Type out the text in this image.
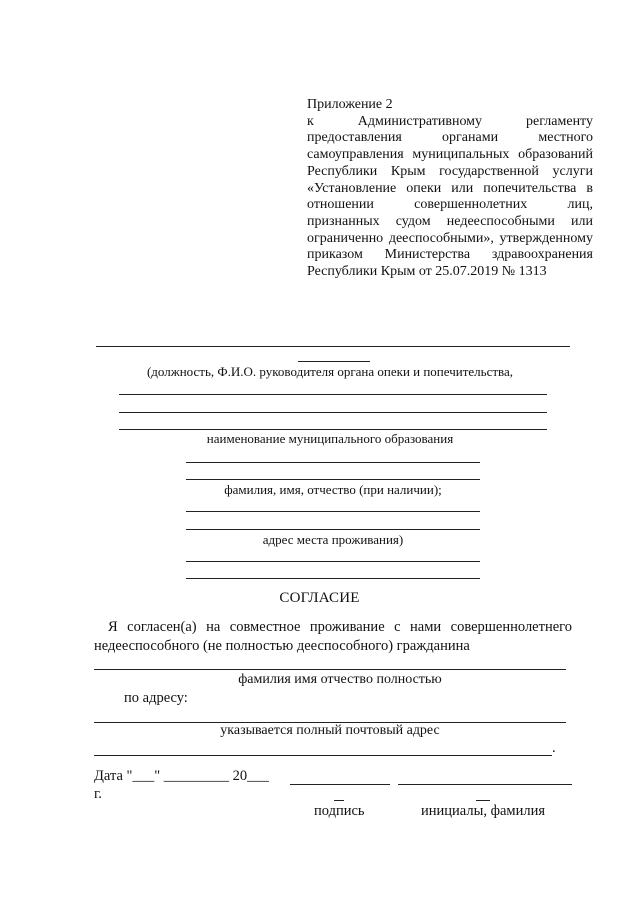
Приложение 2

к Административному регламенту предоставления органами местного самоуправления муниципальных образований Республики Крым государственной услуги «Установление опеки или попечительства в отношении совершеннолетних лиц, признанных судом недееспособными или ограниченно дееспособными», утвержденному приказом Министерства здравоохранения Республики Крым от 25.07.2019 № 1313

(должность, Ф.И.О. руководителя органа опеки и попечительства,
наименование муниципального образования
фамилия, имя, отчество (при наличии);
адрес места проживания)
СОГЛАСИЕ
Я согласен(а) на совместное проживание с нами совершеннолетнего недееспособного (не полностью дееспособного) гражданина
фамилия имя отчество полностью
по адресу:
указывается полный почтовый адрес
.
Дата "___" _________ 20___
г.
подпись	инициалы, фамилия
